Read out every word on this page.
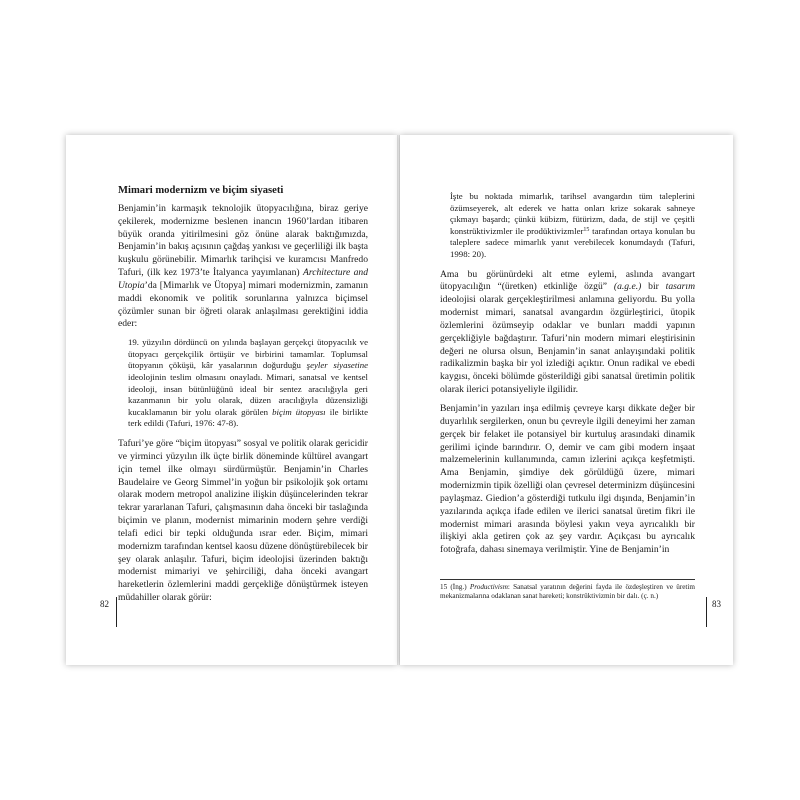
Mimari modernizm ve biçim siyaseti

Benjamin’in karmaşık teknolojik ütopyacılığına, biraz geriye çekilerek, modernizme beslenen inancın 1960’lardan itibaren büyük oranda yitirilmesini göz önüne alarak baktığımızda, Benjamin’in bakış açısının çağdaş yankısı ve geçerliliği ilk başta kuşkulu görünebilir. Mimarlık tarihçisi ve kuramcısı Manfredo Tafuri, (ilk kez 1973’te İtalyanca yayımlanan) Architecture and Utopia’da [Mimarlık ve Ütopya] mimari modernizmin, zamanın maddi ekonomik ve politik sorunlarına yalnızca biçimsel çözümler sunan bir öğreti olarak anlaşılması gerektiğini iddia eder:

19. yüzyılın dördüncü on yılında başlayan gerçekçi ütopyacılık ve ütopyacı gerçekçilik örtüşür ve birbirini tamamlar. Toplumsal ütopyanın çöküşü, kâr yasalarının doğurduğu şeyler siyasetine ideolojinin teslim olmasını onayladı. Mimari, sanatsal ve kentsel ideoloji, insan bütünlüğünü ideal bir sentez aracılığıyla geri kazanmanın bir yolu olarak, düzen aracılığıyla düzensizliği kucaklamanın bir yolu olarak görülen biçim ütopyası ile birlikte terk edildi (Tafuri, 1976: 47-8).

Tafuri’ye göre “biçim ütopyası” sosyal ve politik olarak gericidir ve yirminci yüzyılın ilk üçte birlik döneminde kültürel avangart için temel ilke olmayı sürdürmüştür. Benjamin’in Charles Baudelaire ve Georg Simmel’in yoğun bir psikolojik şok ortamı olarak modern metropol analizine ilişkin düşüncelerinden tekrar tekrar yararlanan Tafuri, çalışmasının daha önceki bir taslağında biçimin ve planın, modernist mimarinin modern şehre verdiği telafi edici bir tepki olduğunda ısrar eder. Biçim, mimari modernizm tarafından kentsel kaosu düzene dönüştürebilecek bir şey olarak anlaşılır. Tafuri, biçim ideolojisi üzerinden baktığı modernist mimariyi ve şehirciliği, daha önceki avangart hareketlerin özlemlerini maddi gerçekliğe dönüştürmek isteyen müdahiller olarak görür:

82

İşte bu noktada mimarlık, tarihsel avangardın tüm taleplerini özümseyerek, alt ederek ve hatta onları krize sokarak sahneye çıkmayı başardı; çünkü kübizm, fütürizm, dada, de stijl ve çeşitli konstrüktivizmler ile prodüktivizmler$^{15}$ tarafından ortaya konulan bu taleplere sadece mimarlık yanıt verebilecek konumdaydı (Tafuri, 1998: 20).

Ama bu görünürdeki alt etme eylemi, aslında avangart ütopyacılığın “(üretken) etkinliğe özgü” (a.g.e.) bir tasarım ideolojisi olarak gerçekleştirilmesi anlamına geliyordu. Bu yolla modernist mimari, sanatsal avangardın özgürleştirici, ütopik özlemlerini özümseyip odaklar ve bunları maddi yapının gerçekliğiyle bağdaştırır. Tafuri’nin modern mimari eleştirisinin değeri ne olursa olsun, Benjamin’in sanat anlayışındaki politik radikalizmin başka bir yol izlediği açıktır. Onun radikal ve ebedi kaygısı, önceki bölümde gösterildiği gibi sanatsal üretimin politik olarak ilerici potansiyeliyle ilgilidir.

Benjamin’in yazıları inşa edilmiş çevreye karşı dikkate değer bir duyarlılık sergilerken, onun bu çevreyle ilgili deneyimi her zaman gerçek bir felaket ile potansiyel bir kurtuluş arasındaki dinamik gerilimi içinde barındırır. O, demir ve cam gibi modern inşaat malzemelerinin kullanımında, camın izlerini açıkça keşfetmişti. Ama Benjamin, şimdiye dek görüldüğü üzere, mimari modernizmin tipik özelliği olan çevresel determinizm düşüncesini paylaşmaz. Giedion’a gösterdiği tutkulu ilgi dışında, Benjamin’in yazılarında açıkça ifade edilen ve ilerici sanatsal üretim fikri ile modernist mimari arasında böylesi yakın veya ayrıcalıklı bir ilişkiyi akla getiren çok az şey vardır. Açıkçası bu ayrıcalık fotoğrafa, dahası sinemaya verilmiştir. Yine de Benjamin’in

15 (İng.) Productivism: Sanatsal yaratının değerini fayda ile özdeşleştiren ve üretim mekanizmalarına odaklanan sanat hareketi; konstrüktivizmin bir dalı. (ç. n.)
83
